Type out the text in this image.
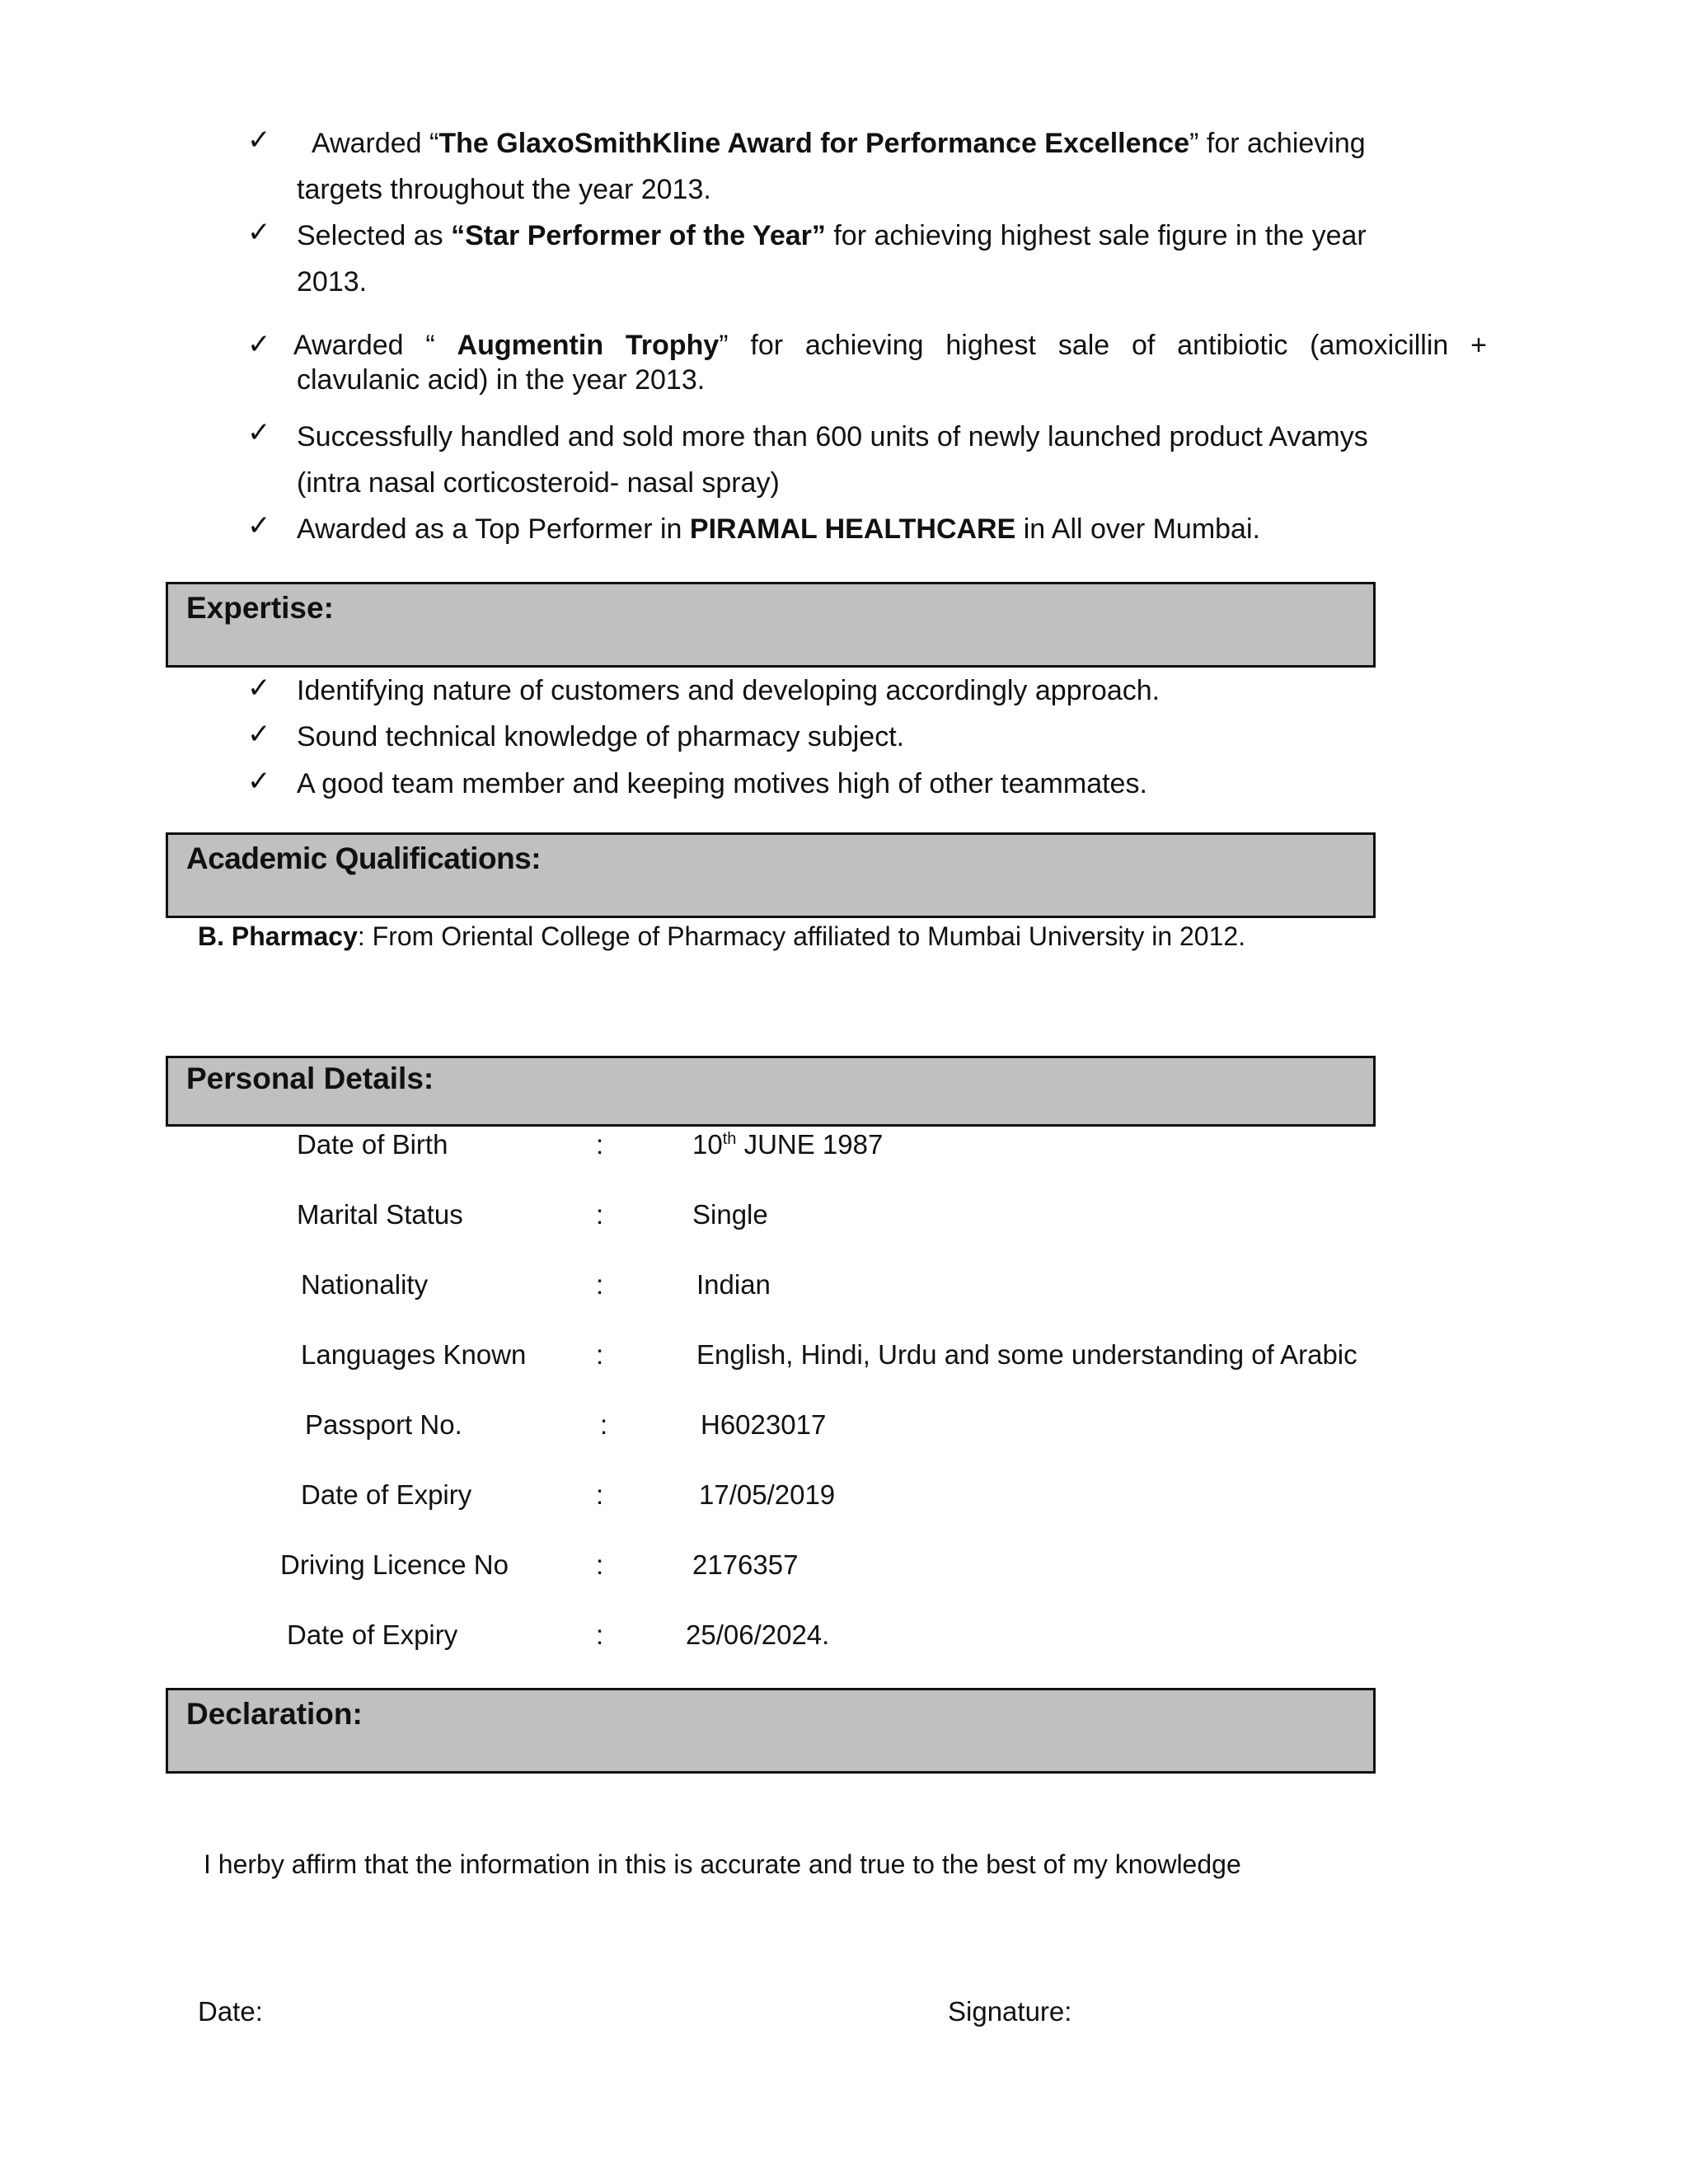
✓	Awarded “The GlaxoSmithKline Award for Performance Excellence” for achieving
targets throughout the year 2013.
✓ Selected as “Star Performer of the Year” for achieving highest sale figure in the year
2013.
✓ Awarded “ Augmentin Trophy” for achieving highest sale of antibiotic (amoxicillin +
clavulanic acid) in the year 2013.
✓ Successfully handled and sold more than 600 units of newly launched product Avamys
(intra nasal corticosteroid- nasal spray)
✓ Awarded as a Top Performer in PIRAMAL HEALTHCARE in All over Mumbai.
Expertise:
✓ Identifying nature of customers and developing accordingly approach.
✓ Sound technical knowledge of pharmacy subject.
✓ A good team member and keeping motives high of other teammates.
Academic Qualifications:
B. Pharmacy: From Oriental College of Pharmacy affiliated to Mumbai University in 2012.
Personal Details:
Date of Birth	:	10th JUNE 1987
Marital Status	:	Single
Nationality	:	Indian
Languages Known	:	English, Hindi, Urdu and some understanding of Arabic
Passport No.	:	H6023017
Date of Expiry	:	17/05/2019
Driving Licence No	:	2176357
Date of Expiry	:	25/06/2024.
Declaration:
I herby affirm that the information in this is accurate and true to the best of my knowledge
Date:	Signature:
